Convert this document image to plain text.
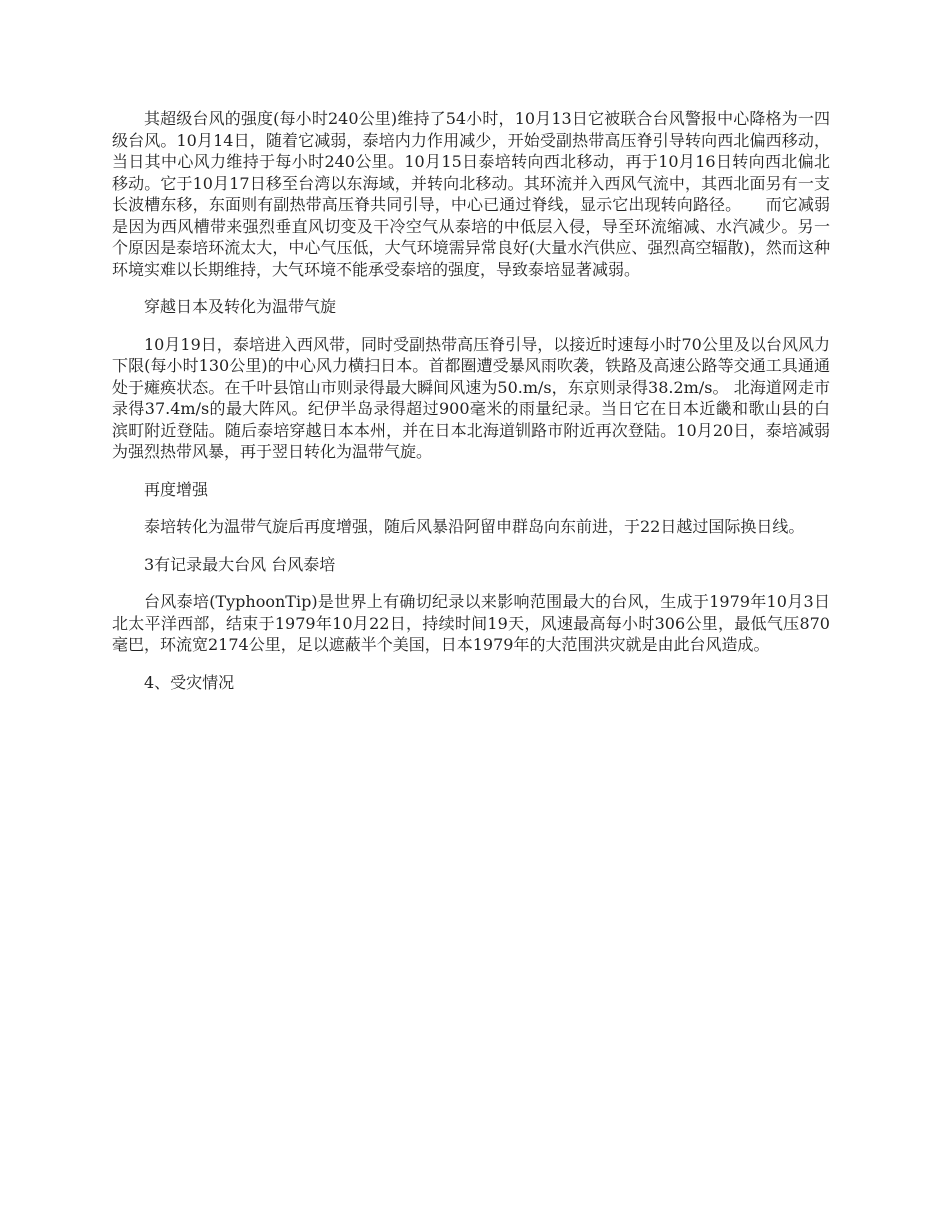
其超级台风的强度(每小时240公里)维持了54小时，10月13日它被联合台风警报中心降格为一四级台风。10月14日，随着它减弱，泰培内力作用减少，开始受副热带高压脊引导转向西北偏西移动，当日其中心风力维持于每小时240公里。10月15日泰培转向西北移动，再于10月16日转向西北偏北移动。它于10月17日移至台湾以东海域，并转向北移动。其环流并入西风气流中，其西北面另有一支长波槽东移，东面则有副热带高压脊共同引导，中心已通过脊线，显示它出现转向路径。　　而它减弱是因为西风槽带来强烈垂直风切变及干冷空气从泰培的中低层入侵，导至环流缩减、水汽减少。另一个原因是泰培环流太大，中心气压低，大气环境需异常良好(大量水汽供应、强烈高空辐散)，然而这种环境实难以长期维持，大气环境不能承受泰培的强度，导致泰培显著减弱。

穿越日本及转化为温带气旋

10月19日，泰培进入西风带，同时受副热带高压脊引导，以接近时速每小时70公里及以台风风力下限(每小时130公里)的中心风力横扫日本。首都圈遭受暴风雨吹袭，铁路及高速公路等交通工具通通处于瘫痪状态。在千叶县馆山市则录得最大瞬间风速为50.m/s，东京则录得38.2m/s。 北海道网走市录得37.4m/s的最大阵风。纪伊半岛录得超过900毫米的雨量纪录。当日它在日本近畿和歌山县的白滨町附近登陆。随后泰培穿越日本本州，并在日本北海道钏路市附近再次登陆。10月20日，泰培减弱为强烈热带风暴，再于翌日转化为温带气旋。

再度增强

泰培转化为温带气旋后再度增强，随后风暴沿阿留申群岛向东前进，于22日越过国际换日线。

3有记录最大台风 台风泰培

台风泰培(TyphoonTip)是世界上有确切纪录以来影响范围最大的台风，生成于1979年10月3日北太平洋西部，结束于1979年10月22日，持续时间19天，风速最高每小时306公里，最低气压870毫巴，环流宽2174公里，足以遮蔽半个美国，日本1979年的大范围洪灾就是由此台风造成。

4、受灾情况
